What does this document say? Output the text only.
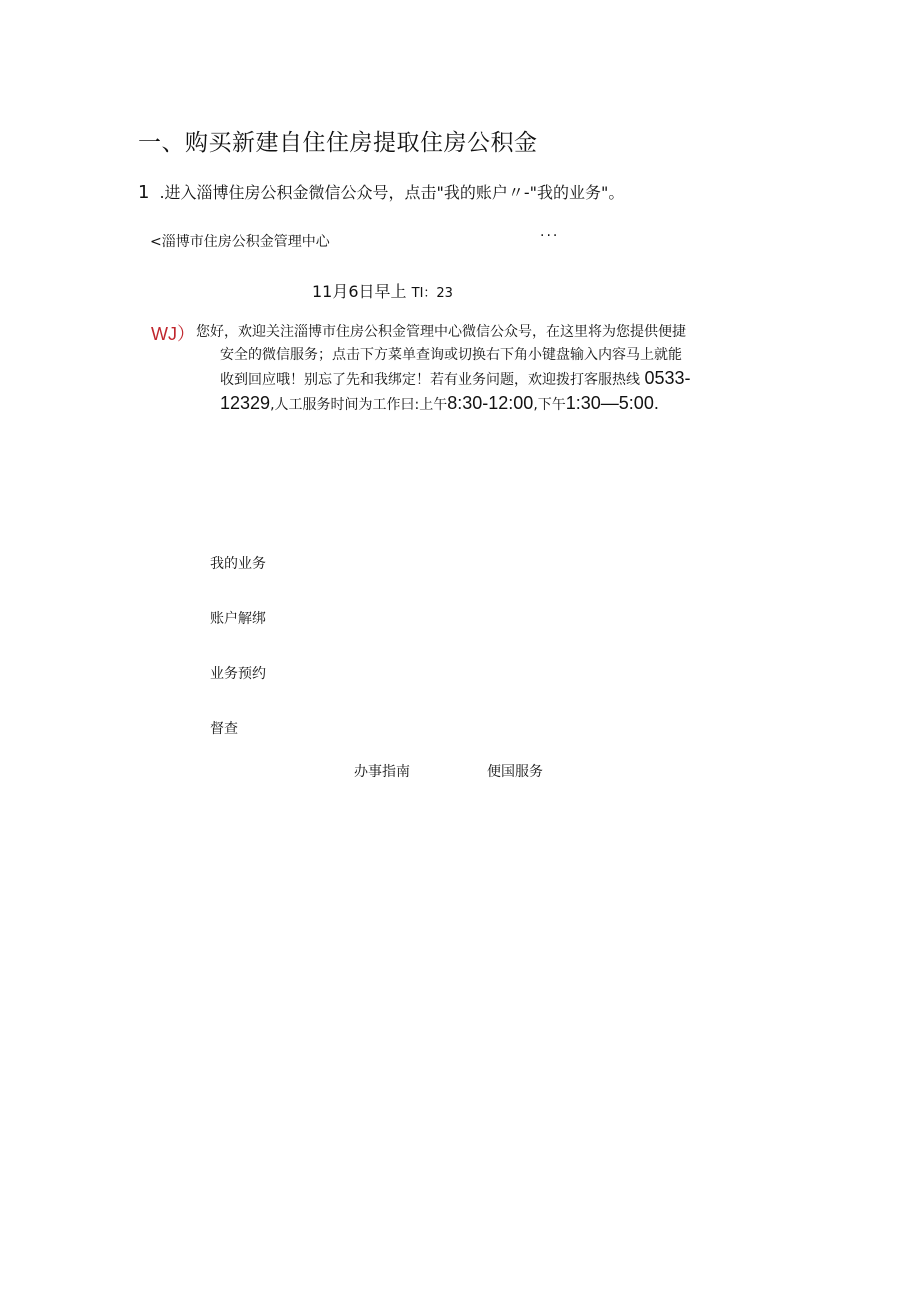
一、购买新建自住住房提取住房公积金
1 .进入淄博住房公积金微信公众号，点击"我的账户〃-"我的业务"。
<淄博市住房公积金管理中心	···
11月6日早上 TI：23
WJ） 您好，欢迎关注淄博市住房公积金管理中心微信公众号，在这里将为您提供便捷
安全的微信服务；点击下方菜单查询或切换右下角小键盘输入内容马上就能
收到回应哦！别忘了先和我绑定！若有业务问题，欢迎拨打客服热线 0533-
12329,人工服务时间为工作曰:上午8:30-12:00,下午1:30—5:00.
我的业务
账户解绑
业务预约
督查
办事指南	便国服务
